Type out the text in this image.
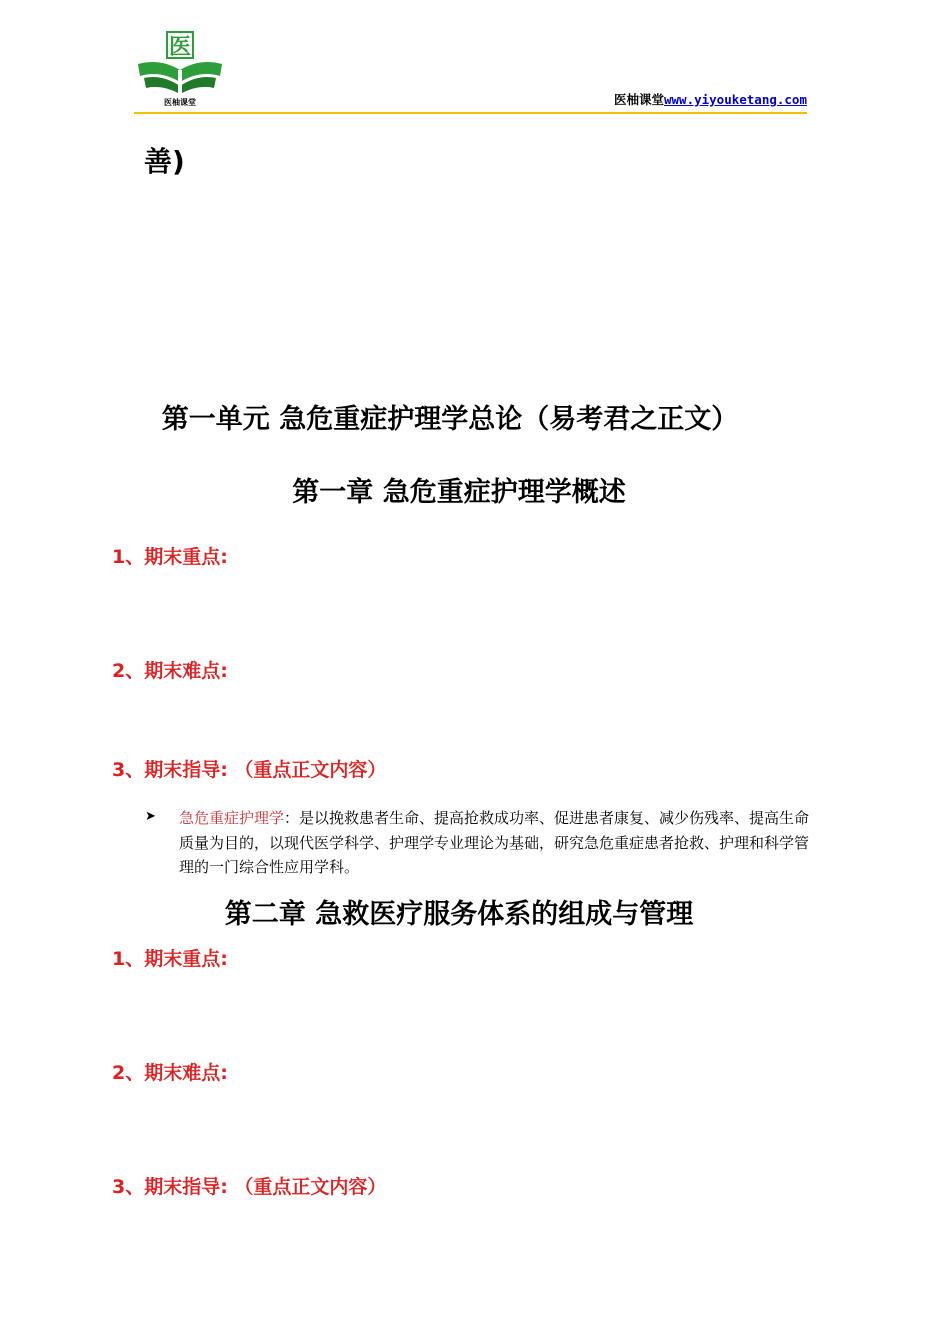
医
医柚课堂	医柚课堂www.yiyouketang.com
善)
第一单元 急危重症护理学总论（易考君之正文）
第一章 急危重症护理学概述
1、期末重点:
2、期末难点:
3、期末指导: （重点正文内容）
➤ 急危重症护理学：是以挽救患者生命、提高抢救成功率、促进患者康复、减少伤残率、提高生命质量为目的，以现代医学科学、护理学专业理论为基础，研究急危重症患者抢救、护理和科学管理的一门综合性应用学科。
第二章 急救医疗服务体系的组成与管理
1、期末重点:
2、期末难点:
3、期末指导: （重点正文内容）
